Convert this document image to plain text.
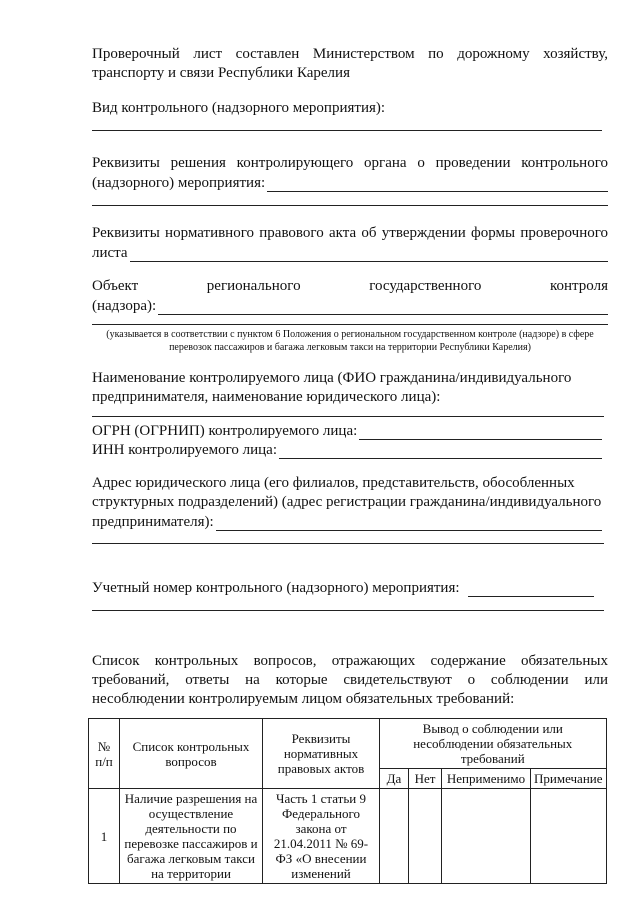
Проверочный лист составлен Министерством по дорожному хозяйству,
транспорту и связи Республики Карелия
Вид контрольного (надзорного мероприятия):
Реквизиты решения контролирующего органа о проведении контрольного
(надзорного) мероприятия:
Реквизиты нормативного правового акта об утверждении формы проверочного
листа
Объект	регионального	государственного	контроля
(надзора):
(указывается в соответствии с пунктом 6 Положения о региональном государственном контроле (надзоре) в сфере перевозок пассажиров и багажа легковым такси на территории Республики Карелия)
Наименование контролируемого лица (ФИО гражданина/индивидуального
предпринимателя, наименование юридического лица):
ОГРН (ОГРНИП) контролируемого лица:
ИНН контролируемого лица:
Адрес юридического лица (его филиалов, представительств, обособленных
структурных подразделений) (адрес регистрации гражданина/индивидуального
предпринимателя):
Учетный номер контрольного (надзорного) мероприятия:
Список контрольных вопросов, отражающих содержание обязательных
требований, ответы на которые свидетельствуют о соблюдении или
несоблюдении контролируемым лицом обязательных требований:
№ п/п	Список контрольных вопросов	Реквизиты нормативных правовых актов	Вывод о соблюдении или несоблюдении обязательных требований			
			Да	Нет	Неприменимо	Примечание
1	Наличие разрешения на осуществление деятельности по перевозке пассажиров и багажа легковым такси на территории	Часть 1 статьи 9 Федерального закона от 21.04.2011 № 69-ФЗ «О внесении изменений				
